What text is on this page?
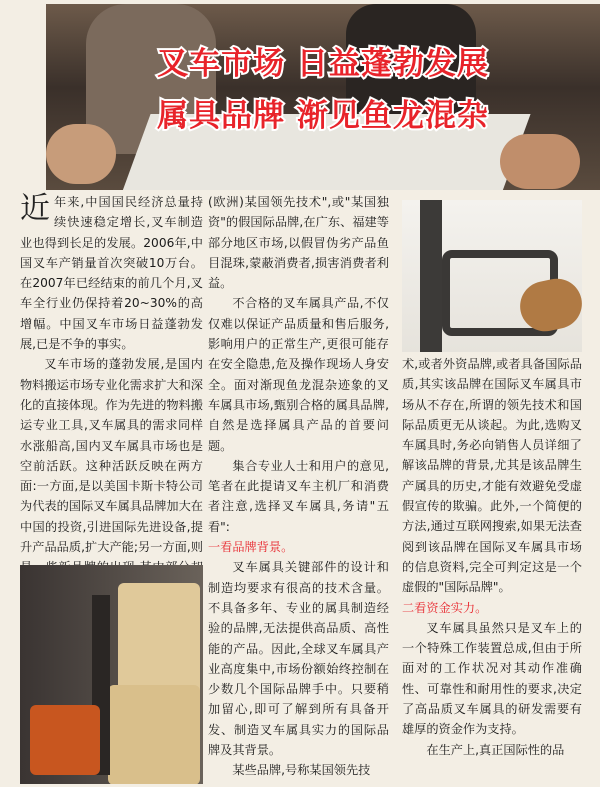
叉车市场 日益蓬勃发展
属具品牌 渐见鱼龙混杂
近 年来,中国国民经济总量持续快速稳定增长,叉车制造业也得到长足的发展。2006年,中国叉车产销量首次突破10万台。在2007年已经结束的前几个月,叉车全行业仍保持着20~30%的高增幅。中国叉车市场日益蓬勃发展,已是不争的事实。

叉车市场的蓬勃发展,是国内物料搬运市场专业化需求扩大和深化的直接体现。作为先进的物料搬运专业工具,叉车属具的需求同样水涨船高,国内叉车属具市场也是空前活跃。这种活跃反映在两方面:一方面,是以美国卡斯卡特公司为代表的国际叉车属具品牌加大在中国的投资,引进国际先进设备,提升产品品质,扩大产能;另一方面,则

(欧洲)某国领先技术",或"某国独资"的假国际品牌,在广东、福建等部分地区市场,以假冒伪劣产品鱼目混珠,蒙蔽消费者,损害消费者利益。

不合格的叉车属具产品,不仅仅难以保证产品质量和售后服务,影响用户的正常生产,更很可能存在安全隐患,危及操作现场人身安全。面对渐现鱼龙混杂迹象的叉车属具市场,甄别合格的属具品牌,自然是选择属具产品的首要问题。

集合专业人士和用户的意见,笔者在此提请叉车主机厂和消费者注意,选择叉车属具,务请"五看":

一看品牌背景。

叉车属具关键部件的设计和制造均要求有很高的技术含量。不具备多年、专业的属具制造经验的品牌,无法提供高品质、高性能的产品。因此,全球叉车属具产业高度集中,市场份额始终控制在少数几个国际品牌手中。只要稍加留心,即可了解到所有具备开发、制造叉车属具实力的国际品牌及其背景。

某些品牌,号称某国领先技

术,或者外资品牌,或者具备国际品质,其实该品牌在国际叉车属具市场从不存在,所谓的领先技术和国际品质更无从谈起。为此,选购叉车属具时,务必向销售人员详细了解该品牌的背景,尤其是该品牌生产属具的历史,才能有效避免受虚假宣传的欺骗。此外,一个简便的方法,通过互联网搜索,如果无法查阅到该品牌在国际叉车属具市场的信息资料,完全可判定这是一个虚假的"国际品牌"。

二看资金实力。

叉车属具虽然只是叉车上的一个特殊工作装置总成,但由于所面对的工作状况对其动作准确性、可靠性和耐用性的要求,决定了高品质叉车属具的研发需要有雄厚的资金作为支持。

在生产上,真正国际性的品
